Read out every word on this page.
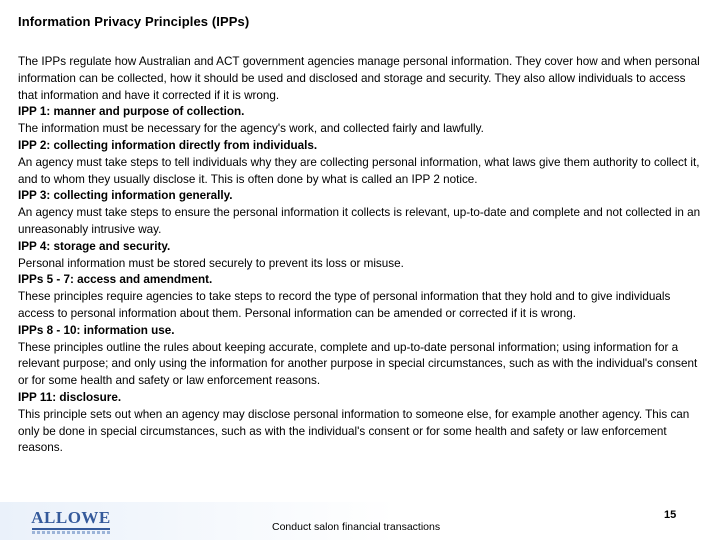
Information Privacy Principles (IPPs)

The IPPs regulate how Australian and ACT government agencies manage personal information. They cover how and when personal information can be collected, how it should be used and disclosed and storage and security. They also allow individuals to access that information and have it corrected if it is wrong.

IPP 1: manner and purpose of collection.

The information must be necessary for the agency's work, and collected fairly and lawfully.

IPP 2: collecting information directly from individuals.

An agency must take steps to tell individuals why they are collecting personal information, what laws give them authority to collect it, and to whom they usually disclose it. This is often done by what is called an IPP 2 notice.

IPP 3: collecting information generally.

An agency must take steps to ensure the personal information it collects is relevant, up-to-date and complete and not collected in an unreasonably intrusive way.

IPP 4: storage and security.

Personal information must be stored securely to prevent its loss or misuse.

IPPs 5 - 7: access and amendment.

These principles require agencies to take steps to record the type of personal information that they hold and to give individuals access to personal information about them. Personal information can be amended or corrected if it is wrong.

IPPs 8 - 10: information use.

These principles outline the rules about keeping accurate, complete and up-to-date personal information; using information for a relevant purpose; and only using the information for another purpose in special circumstances, such as with the individual's consent or for some health and safety or law enforcement reasons.

IPP 11: disclosure.

This principle sets out when an agency may disclose personal information to someone else, for example another agency. This can only be done in special circumstances, such as with the individual's consent or for some health and safety or law enforcement reasons.

ALLOWE	Conduct salon financial transactions
15
